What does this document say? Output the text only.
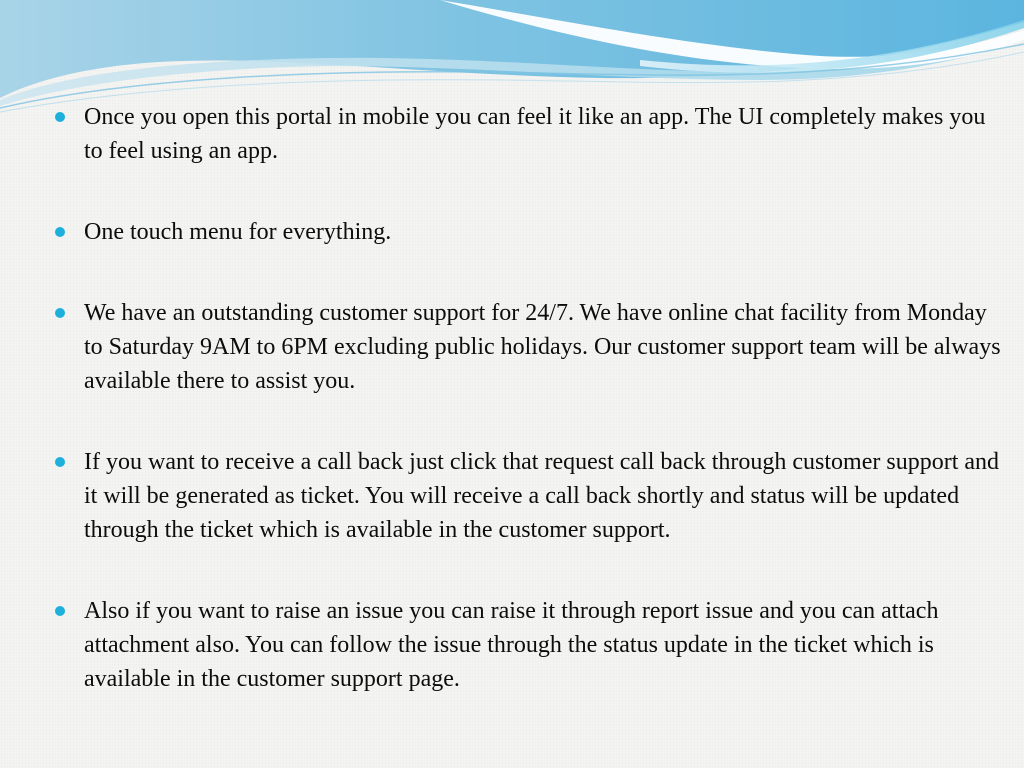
Once you open this portal in mobile you can feel it like an app. The UI completely makes you to feel using an app.
One touch menu for everything.
We have an outstanding customer support for 24/7. We have online chat facility from Monday to Saturday 9AM to 6PM excluding public holidays. Our customer support team will be always available there to assist you.
If you want to receive a call back just click that request call back through customer support and it will be generated as ticket. You will receive a call back shortly and status will be updated through the ticket which is available in the customer support.
Also if you want to raise an issue you can raise it through report issue and you can attach attachment also. You can follow the issue through the status update in the ticket which is available in the customer support page.
